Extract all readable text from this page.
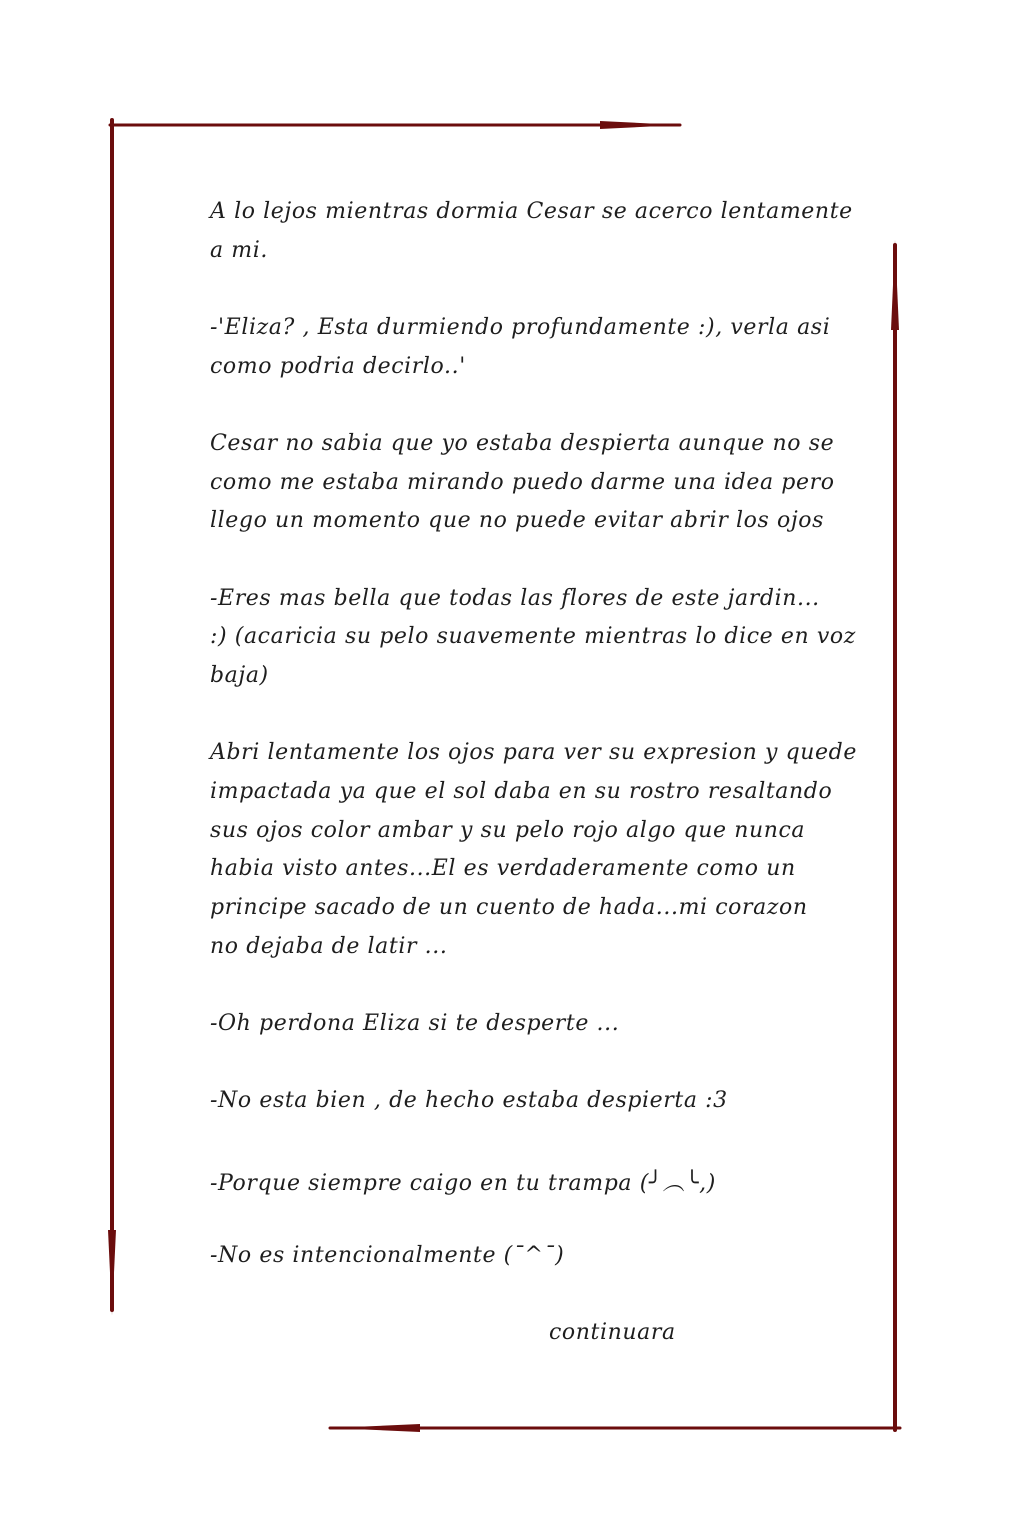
A lo lejos mientras dormia Cesar se acerco lentamente
a mi.
-'Eliza? , Esta durmiendo profundamente :), verla asi
como podria decirlo..'
Cesar no sabia que yo estaba despierta aunque no se
como me estaba mirando puedo darme una idea pero
llego un momento que no puede evitar abrir los ojos
-Eres mas bella que todas las flores de este jardin...
:) (acaricia su pelo suavemente mientras lo dice en voz
baja)
Abri lentamente los ojos para ver su expresion y quede
impactada ya que el sol daba en su rostro resaltando
sus ojos color ambar y su pelo rojo algo que nunca
habia visto antes...El es verdaderamente como un
principe sacado de un cuento de hada...mi corazon
no dejaba de latir ...
-Oh perdona Eliza si te desperte ...
-No esta bien , de hecho estaba despierta :3
-Porque siempre caigo en tu trampa (╯︵╰,)
-No es intencionalmente (¯^¯)
continuara
